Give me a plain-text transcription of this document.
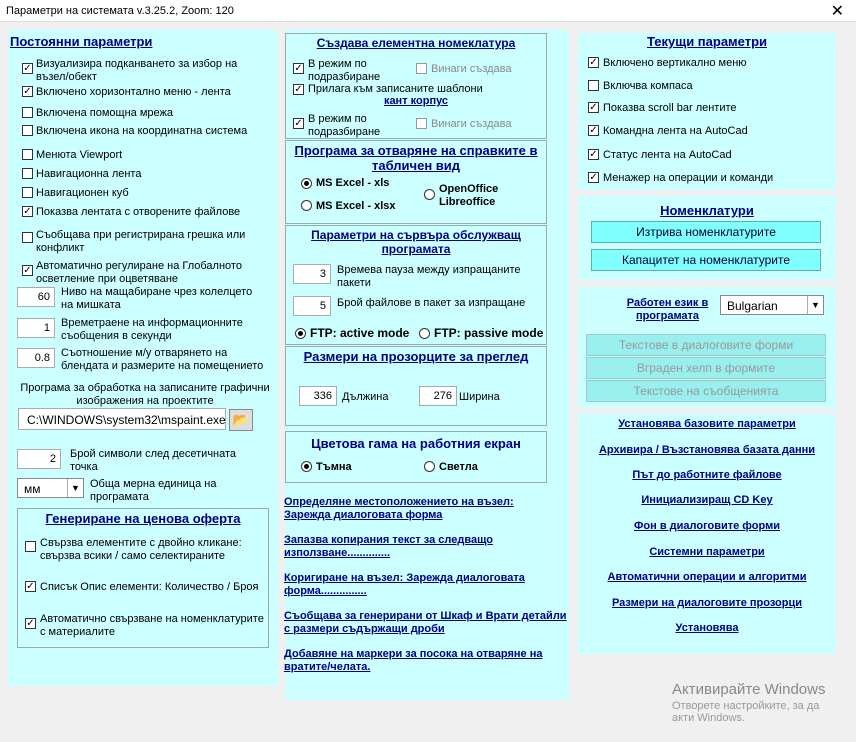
Параметри на системата v.3.25.2, Zoom: 120	✕
Постоянни параметри
✓ Визуализира подканването за избор на възел/обект
✓ Включено хоризонтално меню - лента
Включена помощна мрежа
Включена икона на координатна система
Менюта Viewport
Навигационна лента
Навигационен куб
✓ Показва лентата с отворените файлове
Съобщава при регистрирана грешка или конфликт
✓ Автоматично регулиране на Глобалното осветление при оцветяване
60	Ниво на мащабиране чрез колелцето на мишката
1	Времетраене на информационните съобщения в секунди
0.8	Съотношение м/у отварянето на блендата и размерите на помещението
Програма за обработка на записаните графични изображения на проектите
C:\WINDOWS\system32\mspaint.exe 📂
2	Брой символи след десетичната точка
мм	▼ Обща мерна единица на програмата
Генериране на ценова оферта
Свързва елементите с двойно кликане: свързва всики / само селектираните
✓ Списък Опис елементи: Количество / Броя
✓ Автоматично свързване на номенклатурите с материалите
Създава елементна номеклатура
✓ В режим по подразбиране
Винаги създава
✓ Прилага към записаните шаблони
кант корпус
✓ В режим по подразбиране
Винаги създава
Програма за отваряне на справките в табличен вид
MS Excel - xls
MS Excel - xlsx
OpenOffice Libreoffice
Параметри на сървъра обслужващ програмата
3	Времева пауза между изпращаните пакети
5	Брой файлове в пакет за изпращане
FTP: active mode	FTP: passive mode
Размери на прозорците за преглед
336 Дължина	276 Ширина
Цветова гама на работния екран
Тъмна	Светла
Определяне местоположението на възел: Зарежда диалоговата форма
Запазва копирания текст за следващо използване..............
Коригиране на възел: Зарежда диалоговата форма...............
Съобщава за генерирани от Шкаф и Врати детайли с размери съдържащи дроби
Добавяне на маркери за посока на отваряне на вратите/челата.
Текущи параметри
✓ Включено вертикално меню
Включва компаса
✓ Показва scroll bar лентите
✓ Командна лента на AutoCad
✓ Статус лента на AutoCad
✓ Менажер на операции и команди
Номенклатури
Изтрива номенклатурите
Капацитет на номенклатурите
Работен език в програмата
Bulgarian	▼
Текстове в диалоговите форми
Вграден хелп в формите
Текстове на съобщенията
Установява базовите параметри
Архивира / Възстановява базата данни
Път до работните файлове
Инициализиращ CD Key
Фон в диалоговите форми
Системни параметри
Автоматични операции и алгоритми
Размери на диалоговите прозорци
Установява
Активирайте Windows
Отворете настройките, за да акти Windows.
